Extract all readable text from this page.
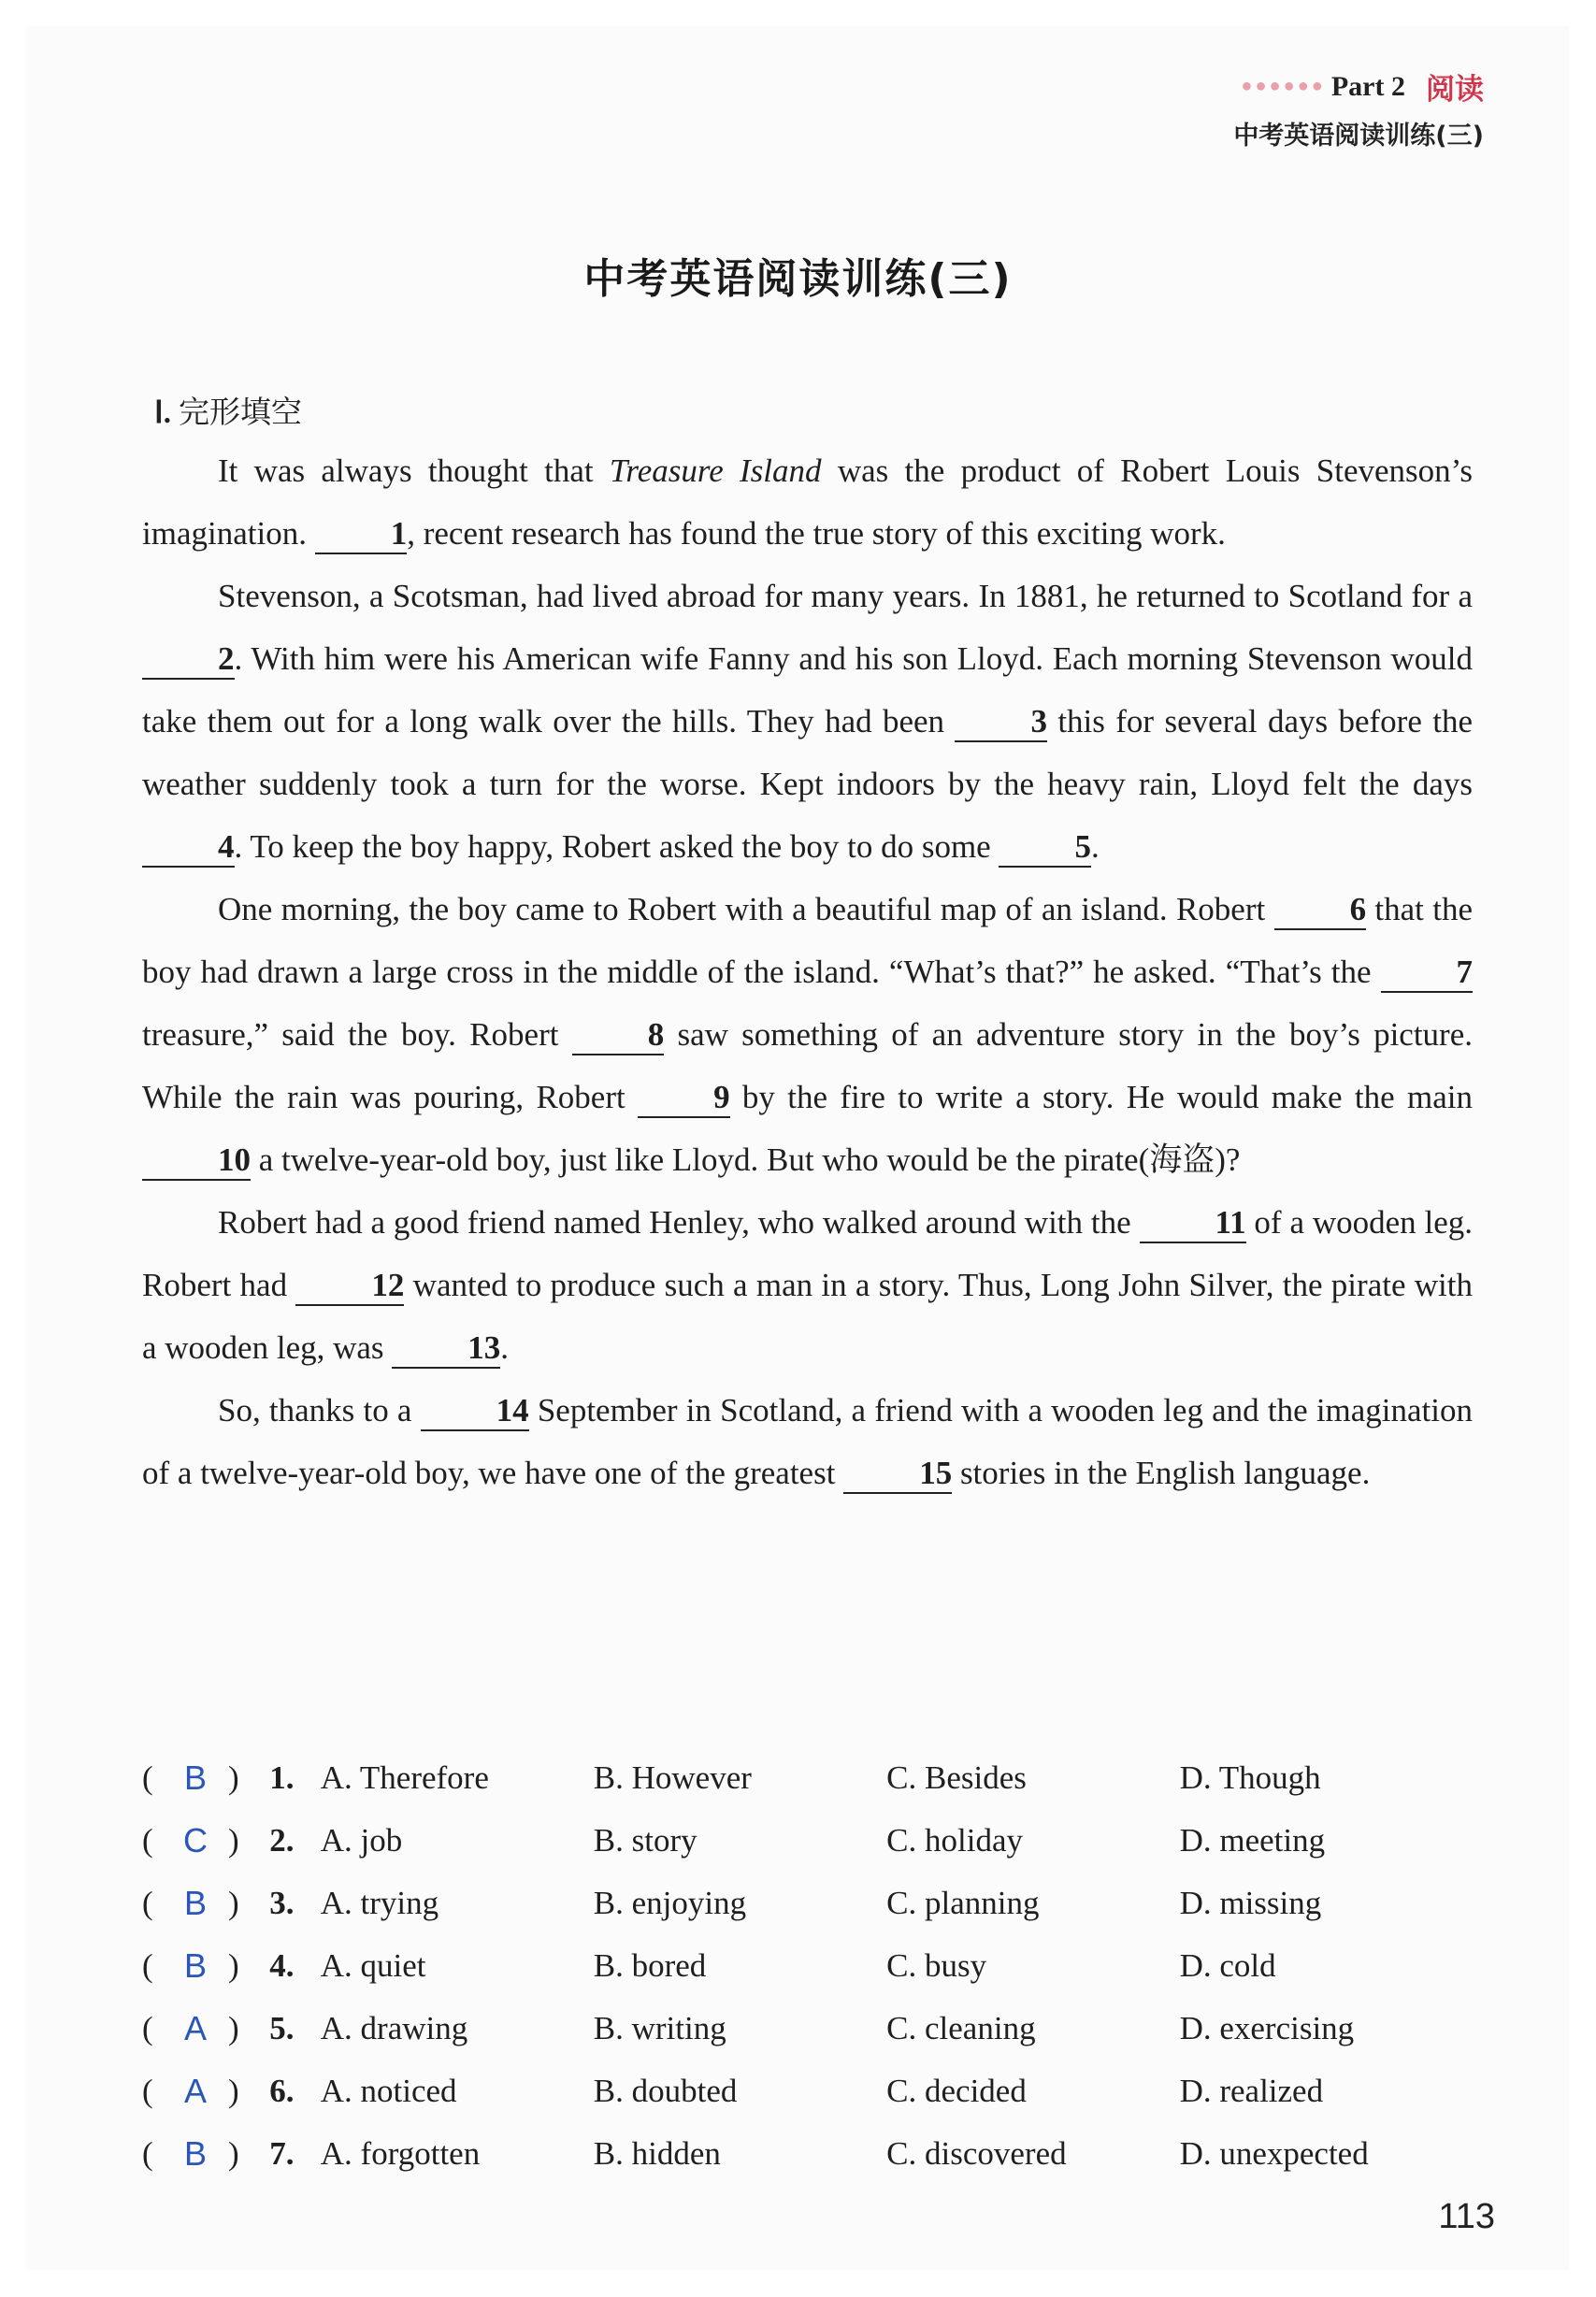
●●●●●● Part 2 阅读
中考英语阅读训练(三)
中考英语阅读训练(三)
Ⅰ. 完形填空

It was always thought that Treasure Island was the product of Robert Louis Stevenson’s imagination. 1, recent research has found the true story of this exciting work.

Stevenson, a Scotsman, had lived abroad for many years. In 1881, he returned to Scotland for a 2. With him were his American wife Fanny and his son Lloyd. Each morning Stevenson would take them out for a long walk over the hills. They had been 3 this for several days before the weather suddenly took a turn for the worse. Kept indoors by the heavy rain, Lloyd felt the days 4. To keep the boy happy, Robert asked the boy to do some 5.

One morning, the boy came to Robert with a beautiful map of an island. Robert 6 that the boy had drawn a large cross in the middle of the island. “What’s that?” he asked. “That’s the 7 treasure,” said the boy. Robert 8 saw something of an adventure story in the boy’s picture. While the rain was pouring, Robert 9 by the fire to write a story. He would make the main 10 a twelve-year-old boy, just like Lloyd. But who would be the pirate(海盗)?

Robert had a good friend named Henley, who walked around with the 11 of a wooden leg. Robert had 12 wanted to produce such a man in a story. Thus, Long John Silver, the pirate with a wooden leg, was 13.

So, thanks to a 14 September in Scotland, a friend with a wooden leg and the imagination of a twelve-year-old boy, we have one of the greatest 15 stories in the English language.

( B ) 1. A. Therefore	B. However	C. Besides	D. Though
( C ) 2. A. job	B. story	C. holiday	D. meeting
( B ) 3. A. trying	B. enjoying	C. planning	D. missing
( B ) 4. A. quiet	B. bored	C. busy	D. cold
( A ) 5. A. drawing	B. writing	C. cleaning	D. exercising
( A ) 6. A. noticed	B. doubted	C. decided	D. realized
( B ) 7. A. forgotten	B. hidden	C. discovered	D. unexpected
113
